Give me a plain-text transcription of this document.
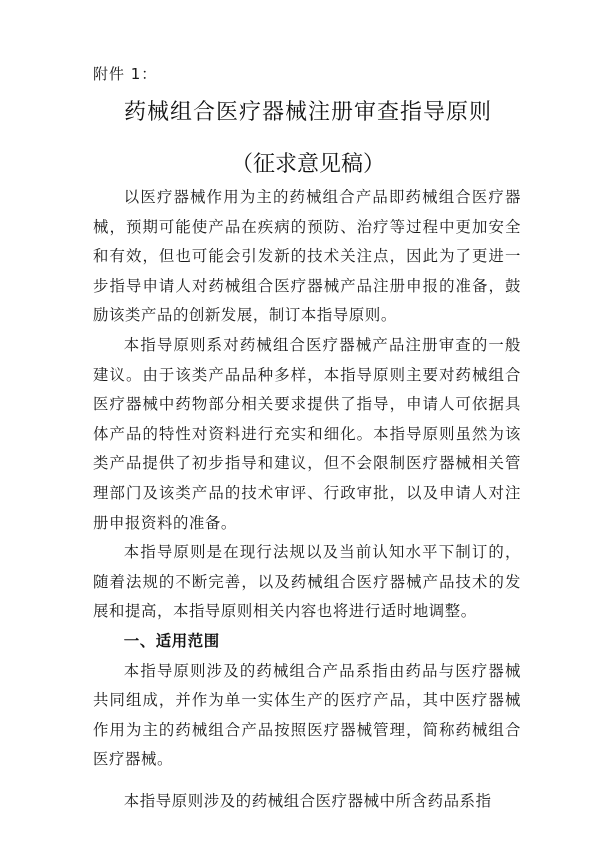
附件 1：
药械组合医疗器械注册审查指导原则
（征求意见稿）

以医疗器械作用为主的药械组合产品即药械组合医疗器械，预期可能使产品在疾病的预防、治疗等过程中更加安全和有效，但也可能会引发新的技术关注点，因此为了更进一步指导申请人对药械组合医疗器械产品注册申报的准备，鼓励该类产品的创新发展，制订本指导原则。

本指导原则系对药械组合医疗器械产品注册审查的一般建议。由于该类产品品种多样，本指导原则主要对药械组合医疗器械中药物部分相关要求提供了指导，申请人可依据具体产品的特性对资料进行充实和细化。本指导原则虽然为该类产品提供了初步指导和建议，但不会限制医疗器械相关管理部门及该类产品的技术审评、行政审批，以及申请人对注册申报资料的准备。

本指导原则是在现行法规以及当前认知水平下制订的，随着法规的不断完善，以及药械组合医疗器械产品技术的发展和提高，本指导原则相关内容也将进行适时地调整。

一、适用范围

本指导原则涉及的药械组合产品系指由药品与医疗器械共同组成，并作为单一实体生产的医疗产品，其中医疗器械作用为主的药械组合产品按照医疗器械管理，简称药械组合医疗器械。

本指导原则涉及的药械组合医疗器械中所含药品系指
